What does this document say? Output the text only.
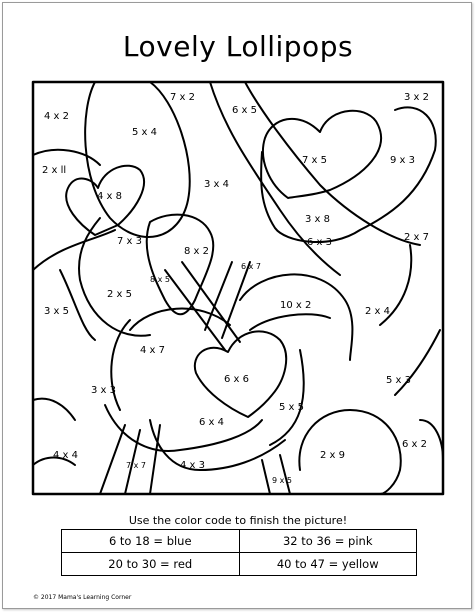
Lovely Lollipops
4 x 2
7 x 2
6 x 5
3 x 2
5 x 4
2 x ll
7 x 5	9 x 3
4 x 8
3 x 4
3 x 8
7 x 3
8 x 2
6 x 3	2 x 7
8 x 5
6 x 7
3 x 5
2 x 5
10 x 2
2 x 4
4 x 7
6 x 6
3 x 3
5 x 3
5 x 5
6 x 4
6 x 2
4 x 4
7 x 7	4 x 3
2 x 9
9 x 5
Use the color code to finish the picture!
6 to 18 = blue	32 to 36 = pink
20 to 30 = red	40 to 47 = yellow
© 2017 Mama's Learning Corner
